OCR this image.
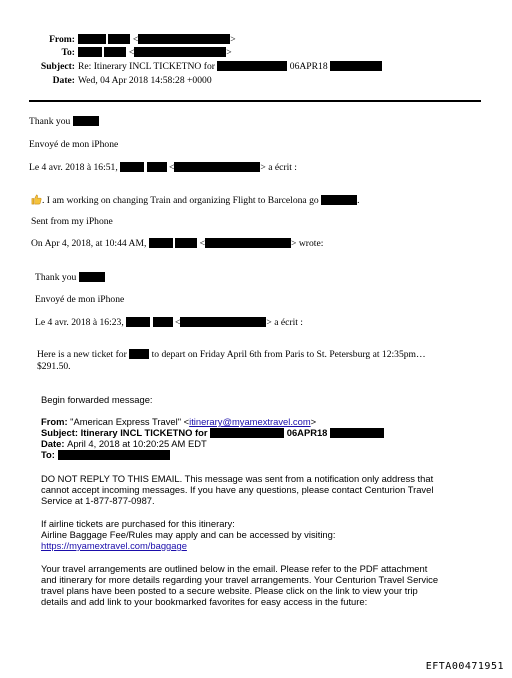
From:	<	>
To:	<	>
Subject: Re: Itinerary INCL TICKETNO for	06APR18
Date: Wed, 04 Apr 2018 14:58:28 +0000
Thank you
Envoyé de mon iPhone
Le 4 avr. 2018 à 16:51,	<	> a écrit :
. I am working on changing Train and organizing Flight to Barcelona go	.
Sent from my iPhone
On Apr 4, 2018, at 10:44 AM,	<	> wrote:
Thank you
Envoyé de mon iPhone
Le 4 avr. 2018 à 16:23,	<	> a écrit :
Here is a new ticket for	to depart on Friday April 6th from Paris to St. Petersburg at 12:35pm…
$291.50.
Begin forwarded message:
From: "American Express Travel" <itinerary@myamextravel.com>
Subject: Itinerary INCL TICKETNO for	06APR18
Date: April 4, 2018 at 10:20:25 AM EDT
To:
DO NOT REPLY TO THIS EMAIL. This message was sent from a notification only address that
cannot accept incoming messages. If you have any questions, please contact Centurion Travel
Service at 1-877-877-0987.
If airline tickets are purchased for this itinerary:
Airline Baggage Fee/Rules may apply and can be accessed by visiting:
https://myamextravel.com/baggage
Your travel arrangements are outlined below in the email. Please refer to the PDF attachment
and itinerary for more details regarding your travel arrangements. Your Centurion Travel Service
travel plans have been posted to a secure website. Please click on the link to view your trip
details and add link to your bookmarked favorites for easy access in the future:
EFTA00471951
